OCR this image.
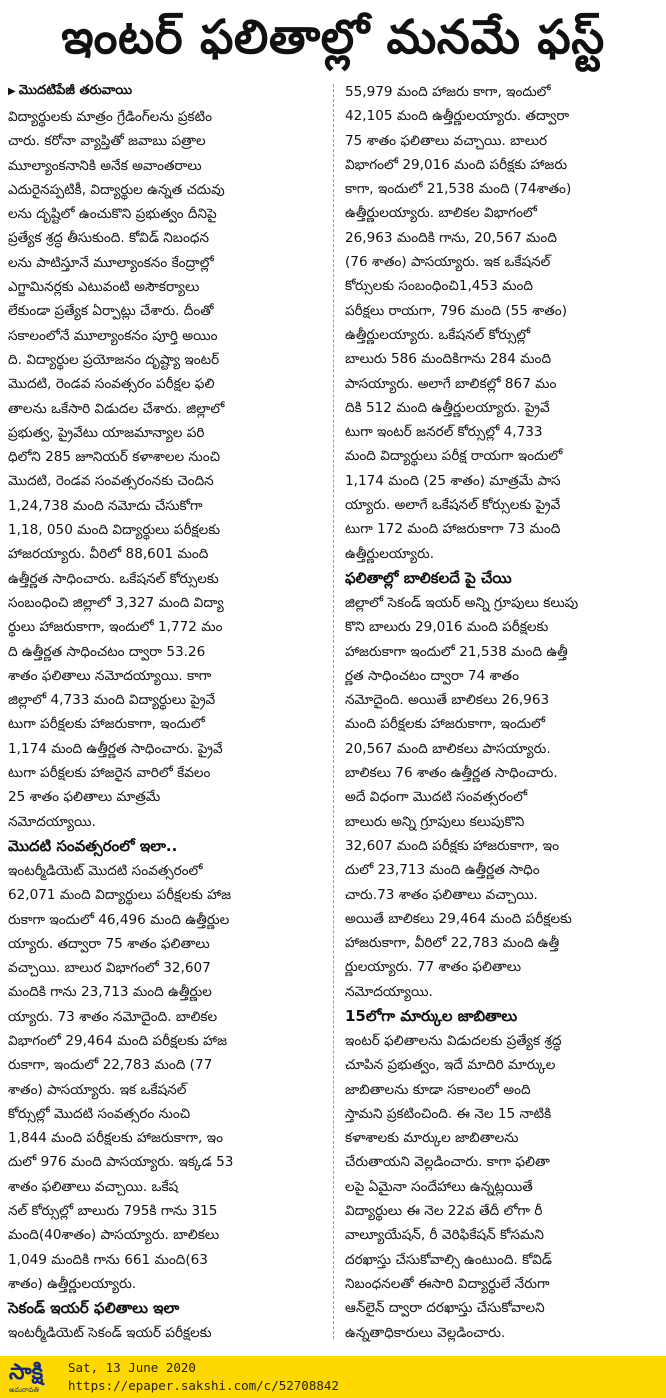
ఇంటర్ ఫలితాల్లో మనమే ఫస్ట్

▶ మొదటిపేజీ తరువాయి

విద్యార్థులకు మాత్రం గ్రేడింగ్‌లను ప్రకటిం
చారు. కరోనా వ్యాప్తితో జవాబు పత్రాల
మూల్యాంకనానికి అనేక అవాంతరాలు
ఎదురైనప్పటికీ, విద్యార్థుల ఉన్నత చదువు
లను దృష్టిలో ఉంచుకొని ప్రభుత్వం దీనిపై
ప్రత్యేక శ్రద్ధ తీసుకుంది. కోవిడ్ నిబంధన
లను పాటిస్తూనే మూల్యాంకనం కేంద్రాల్లో
ఎగ్జామినర్లకు ఎటువంటి అసౌకర్యాలు
లేకుండా ప్రత్యేక ఏర్పాట్లు చేశారు. దీంతో
సకాలంలోనే మూల్యాంకనం పూర్తి అయిం
ది. విద్యార్థుల ప్రయోజనం దృష్ట్యా ఇంటర్
మొదటి, రెండవ సంవత్సరం పరీక్షల ఫలి
తాలను ఒకేసారి విడుదల చేశారు. జిల్లాలో
ప్రభుత్వ, ప్రైవేటు యాజమాన్యాల పరి
ధిలోని 285 జూనియర్ కళాశాలల నుంచి
మొదటి, రెండవ సంవత్సరంనకు చెందిన
1,24,738 మంది నమోదు చేసుకోగా
1,18, 050 మంది విద్యార్థులు పరీక్షలకు
హాజరయ్యారు. వీరిలో 88,601 మంది
ఉత్తీర్ణత సాధించారు. ఒకేషనల్ కోర్సులకు
సంబంధించి జిల్లాలో 3,327 మంది విద్యా
ర్థులు హాజరుకాగా, ఇందులో 1,772 మం
ది ఉత్తీర్ణత సాధించటం ద్వారా 53.26
శాతం ఫలితాలు నమోదయ్యాయి. కాగా
జిల్లాలో 4,733 మంది విద్యార్థులు ప్రైవే
టుగా పరీక్షలకు హాజరుకాగా, ఇందులో
1,174 మంది ఉత్తీర్ణత సాధించారు. ప్రైవే
టుగా పరీక్షలకు హాజరైన వారిలో కేవలం
25 శాతం ఫలితాలు మాత్రమే
నమోదయ్యాయి.

మొదటి సంవత్సరంలో ఇలా..

ఇంటర్మీడియెట్ మొదటి సంవత్సరంలో
62,071 మంది విద్యార్థులు పరీక్షలకు హాజ
రుకాగా ఇందులో 46,496 మంది ఉత్తీర్ణుల
య్యారు. తద్వారా 75 శాతం ఫలితాలు
వచ్చాయి. బాలుర విభాగంలో 32,607
మందికి గాను 23,713 మంది ఉత్తీర్ణుల
య్యారు. 73 శాతం నమోదైంది. బాలికల
విభాగంలో 29,464 మంది పరీక్షలకు హాజ
రుకాగా, ఇందులో 22,783 మంది (77
శాతం) పాసయ్యారు. ఇక ఒకేషనల్
కోర్సుల్లో మొదటి సంవత్సరం నుంచి
1,844 మంది పరీక్షలకు హాజరుకాగా, ఇం
దులో 976 మంది పాసయ్యారు. ఇక్కడ 53
శాతం ఫలితాలు వచ్చాయి. ఒకేష
నల్ కోర్సుల్లో బాలురు 795కి గాను 315
మంది(40శాతం) పాసయ్యారు. బాలికలు
1,049 మందికి గాను 661 మంది(63
శాతం) ఉత్తీర్ణులయ్యారు.

సెకండ్ ఇయర్ ఫలితాలు ఇలా

ఇంటర్మీడియెట్ సెకండ్ ఇయర్ పరీక్షలకు

55,979 మంది హాజరు కాగా, ఇందులో
42,105 మంది ఉత్తీర్ణులయ్యారు. తద్వారా
75 శాతం ఫలితాలు వచ్చాయి. బాలుర
విభాగంలో 29,016 మంది పరీక్షకు హాజరు
కాగా, ఇందులో 21,538 మంది (74శాతం)
ఉత్తీర్ణులయ్యారు. బాలికల విభాగంలో
26,963 మందికి గాను, 20,567 మంది
(76 శాతం) పాసయ్యారు. ఇక ఒకేషనల్
కోర్సులకు సంబంధించి1,453 మంది
పరీక్షలు రాయగా, 796 మంది (55 శాతం)
ఉత్తీర్ణులయ్యారు. ఒకేషనల్ కోర్సుల్లో
బాలురు 586 మందికిగాను 284 మంది
పాసయ్యారు. అలాగే బాలికల్లో 867 మం
దికి 512 మంది ఉత్తీర్ణులయ్యారు. ప్రైవే
టుగా ఇంటర్ జనరల్ కోర్సుల్లో 4,733
మంది విద్యార్థులు పరీక్ష రాయగా ఇందులో
1,174 మంది (25 శాతం) మాత్రమే పాస
య్యారు. అలాగే ఒకేషనల్ కోర్సులకు ప్రైవే
టుగా 172 మంది హాజరుకాగా 73 మంది
ఉత్తీర్ణులయ్యారు.

ఫలితాల్లో బాలికలదే పై చేయి

జిల్లాలో సెకండ్ ఇయర్ అన్ని గ్రూపులు కలుపు
కొని బాలురు 29,016 మంది పరీక్షలకు
హాజరుకాగా ఇందులో 21,538 మంది ఉత్తీ
ర్ణత సాధించటం ద్వారా 74 శాతం
నమోదైంది. అయితే బాలికలు 26,963
మంది పరీక్షలకు హాజరుకాగా, ఇందులో
20,567 మంది బాలికలు పాసయ్యారు.
బాలికలు 76 శాతం ఉత్తీర్ణత సాధించారు.
అదే విధంగా మొదటి సంవత్సరంలో
బాలురు అన్ని గ్రూపులు కలుపుకొని
32,607 మంది పరీక్షకు హాజరుకాగా, ఇం
దులో 23,713 మంది ఉత్తీర్ణత సాధిం
చారు.73 శాతం ఫలితాలు వచ్చాయి.
అయితే బాలికలు 29,464 మంది పరీక్షలకు
హాజరుకాగా, వీరిలో 22,783 మంది ఉత్తీ
ర్ణులయ్యారు. 77 శాతం ఫలితాలు
నమోదయ్యాయి.

15లోగా మార్కుల జాబితాలు

ఇంటర్ ఫలితాలను విడుదలకు ప్రత్యేక శ్రద్ధ
చూపిన ప్రభుత్వం, ఇదే మాదిరి మార్కుల
జాబితాలను కూడా సకాలంలో అంది
స్తామని ప్రకటించింది. ఈ నెల 15 నాటికి
కళాశాలకు మార్కుల జాబితాలను
చేరుతాయని వెల్లడించారు. కాగా ఫలితా
లపై ఏమైనా సందేహాలు ఉన్నట్లయితే
విద్యార్థులు ఈ నెల 22వ తేదీ లోగా రీ
వాల్యూయేషన్, రీ వెరిఫికేషన్ కోసమని
దరఖాస్తు చేసుకోవాల్సి ఉంటుంది. కోవిడ్
నిబంధనలతో ఈసారి విద్యార్థులే నేరుగా
ఆన్‌లైన్ ద్వారా దరఖాస్తు చేసుకోవాలని
ఉన్నతాధికారులు వెల్లడించారు.

సాక్షి
అమరావతి
Sat, 13 June 2020
https://epaper.sakshi.com/c/52708842
